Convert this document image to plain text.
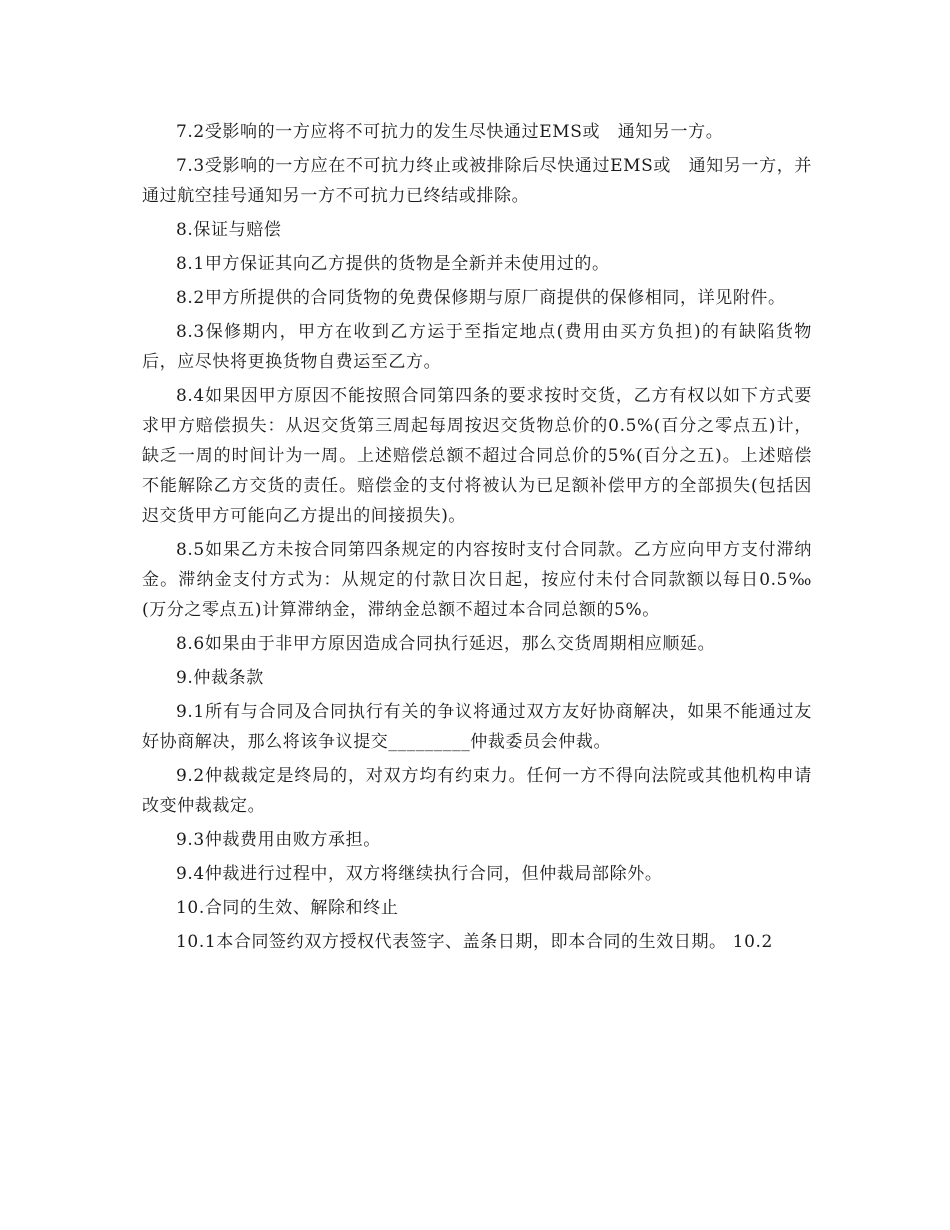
7.2受影响的一方应将不可抗力的发生尽快通过EMS或　通知另一方。

7.3受影响的一方应在不可抗力终止或被排除后尽快通过EMS或　通知另一方，并通过航空挂号通知另一方不可抗力已终结或排除。

8.保证与赔偿

8.1甲方保证其向乙方提供的货物是全新并未使用过的。

8.2甲方所提供的合同货物的免费保修期与原厂商提供的保修相同，详见附件。

8.3保修期内，甲方在收到乙方运于至指定地点(费用由买方负担)的有缺陷货物后，应尽快将更换货物自费运至乙方。

8.4如果因甲方原因不能按照合同第四条的要求按时交货，乙方有权以如下方式要求甲方赔偿损失：从迟交货第三周起每周按迟交货物总价的0.5%(百分之零点五)计，缺乏一周的时间计为一周。上述赔偿总额不超过合同总价的5%(百分之五)。上述赔偿不能解除乙方交货的责任。赔偿金的支付将被认为已足额补偿甲方的全部损失(包括因迟交货甲方可能向乙方提出的间接损失)。

8.5如果乙方未按合同第四条规定的内容按时支付合同款。乙方应向甲方支付滞纳金。滞纳金支付方式为：从规定的付款日次日起，按应付未付合同款额以每日0.5‰(万分之零点五)计算滞纳金，滞纳金总额不超过本合同总额的5%。

8.6如果由于非甲方原因造成合同执行延迟，那么交货周期相应顺延。

9.仲裁条款

9.1所有与合同及合同执行有关的争议将通过双方友好协商解决，如果不能通过友好协商解决，那么将该争议提交_________仲裁委员会仲裁。

9.2仲裁裁定是终局的，对双方均有约束力。任何一方不得向法院或其他机构申请改变仲裁裁定。

9.3仲裁费用由败方承担。

9.4仲裁进行过程中，双方将继续执行合同，但仲裁局部除外。

10.合同的生效、解除和终止

10.1本合同签约双方授权代表签字、盖条日期，即本合同的生效日期。 10.2
